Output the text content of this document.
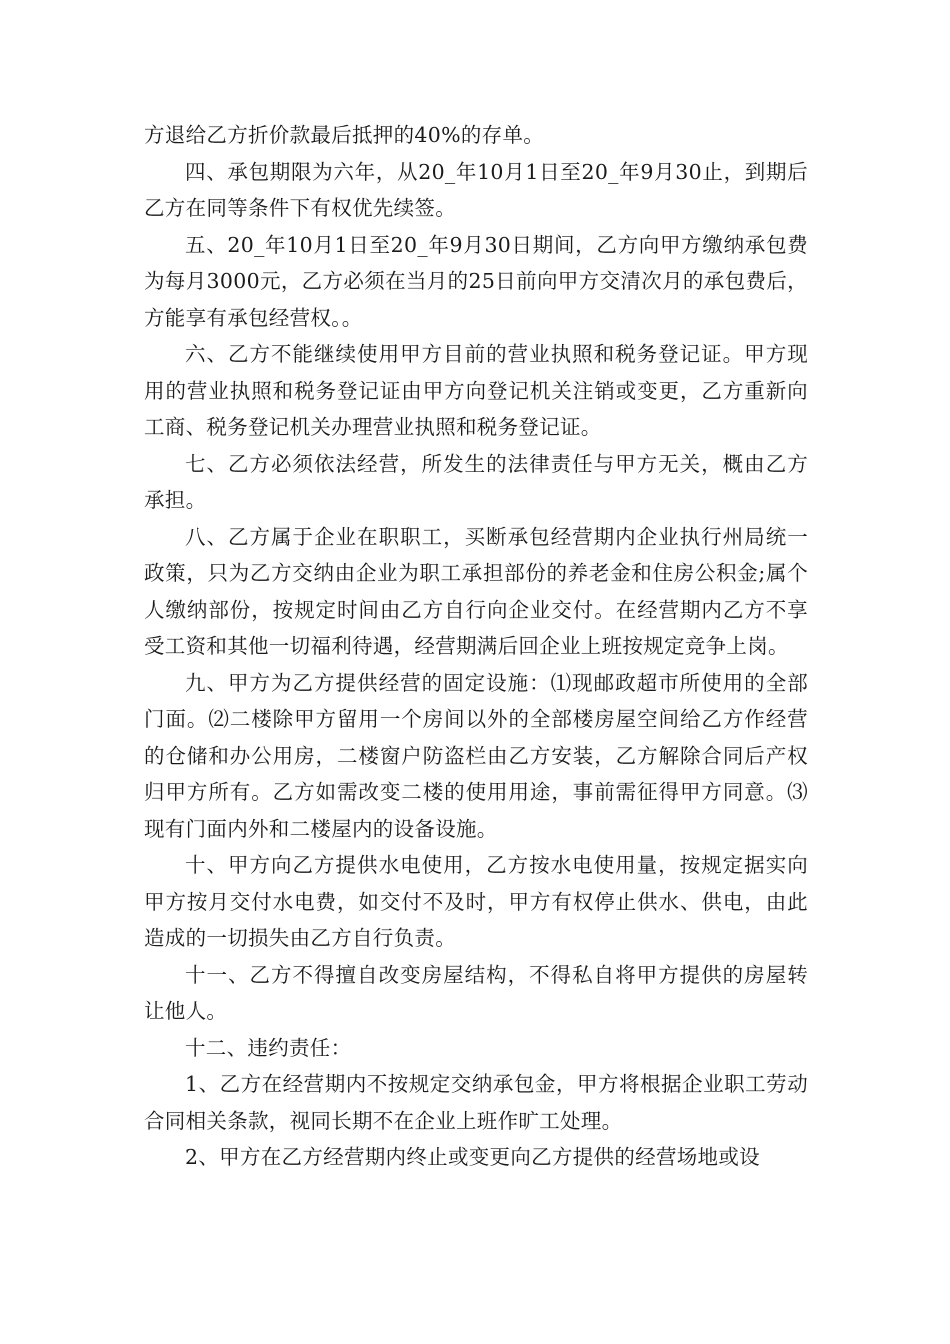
方退给乙方折价款最后抵押的40%的存单。

四、承包期限为六年，从20_年10月1日至20_年9月30止，到期后乙方在同等条件下有权优先续签。

五、20_年10月1日至20_年9月30日期间，乙方向甲方缴纳承包费为每月3000元，乙方必须在当月的25日前向甲方交清次月的承包费后，方能享有承包经营权。。

六、乙方不能继续使用甲方目前的营业执照和税务登记证。甲方现用的营业执照和税务登记证由甲方向登记机关注销或变更，乙方重新向工商、税务登记机关办理营业执照和税务登记证。

七、乙方必须依法经营，所发生的法律责任与甲方无关，概由乙方承担。

八、乙方属于企业在职职工，买断承包经营期内企业执行州局统一政策，只为乙方交纳由企业为职工承担部份的养老金和住房公积金;属个人缴纳部份，按规定时间由乙方自行向企业交付。在经营期内乙方不享受工资和其他一切福利待遇，经营期满后回企业上班按规定竞争上岗。

九、甲方为乙方提供经营的固定设施：⑴现邮政超市所使用的全部门面。⑵二楼除甲方留用一个房间以外的全部楼房屋空间给乙方作经营的仓储和办公用房，二楼窗户防盗栏由乙方安装，乙方解除合同后产权归甲方所有。乙方如需改变二楼的使用用途，事前需征得甲方同意。⑶现有门面内外和二楼屋内的设备设施。

十、甲方向乙方提供水电使用，乙方按水电使用量，按规定据实向甲方按月交付水电费，如交付不及时，甲方有权停止供水、供电，由此造成的一切损失由乙方自行负责。

十一、乙方不得擅自改变房屋结构，不得私自将甲方提供的房屋转让他人。

十二、违约责任：

1、乙方在经营期内不按规定交纳承包金，甲方将根据企业职工劳动合同相关条款，视同长期不在企业上班作旷工处理。

2、甲方在乙方经营期内终止或变更向乙方提供的经营场地或设
